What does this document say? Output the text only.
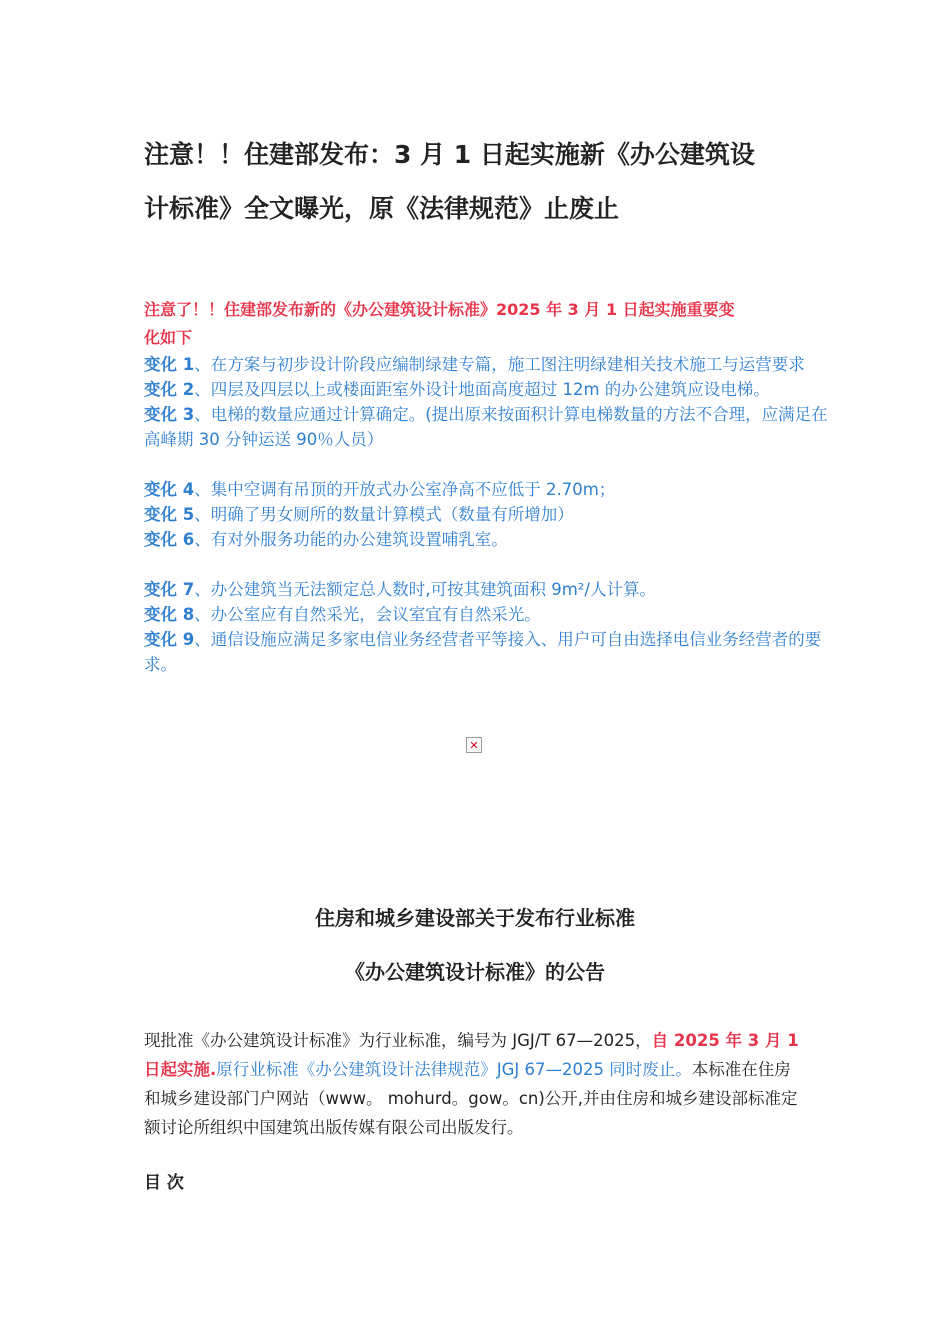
注意！！住建部发布：3 月 1 日起实施新《办公建筑设
计标准》全文曝光，原《法律规范》止废止

注意了！！住建部发布新的《办公建筑设计标准》2025 年 3 月 1 日起实施重要变
化如下

变化 1、在方案与初步设计阶段应编制绿建专篇，施工图注明绿建相关技术施工与运营要求

变化 2、四层及四层以上或楼面距室外设计地面高度超过 12m 的办公建筑应设电梯。

变化 3、电梯的数量应通过计算确定。(提出原来按面积计算电梯数量的方法不合理，应满足在高峰期 30 分钟运送 90％人员）

变化 4、集中空调有吊顶的开放式办公室净高不应低于 2.70m；

变化 5、明确了男女厕所的数量计算模式（数量有所增加）

变化 6、有对外服务功能的办公建筑设置哺乳室。

变化 7、办公建筑当无法额定总人数时,可按其建筑面积 9m²/人计算。

变化 8、办公室应有自然采光，会议室宜有自然采光。

变化 9、通信设施应满足多家电信业务经营者平等接入、用户可自由选择电信业务经营者的要求。

✕
住房和城乡建设部关于发布行业标准
《办公建筑设计标准》的公告

现批准《办公建筑设计标准》为行业标准，编号为 JGJ/T 67—2025，自 2025 年 3 月 1 日起实施.原行业标准《办公建筑设计法律规范》JGJ 67—2025 同时废止。本标准在住房和城乡建设部门户网站（www。 mohurd。gow。cn)公开,并由住房和城乡建设部标准定额讨论所组织中国建筑出版传媒有限公司出版发行。

目 次
